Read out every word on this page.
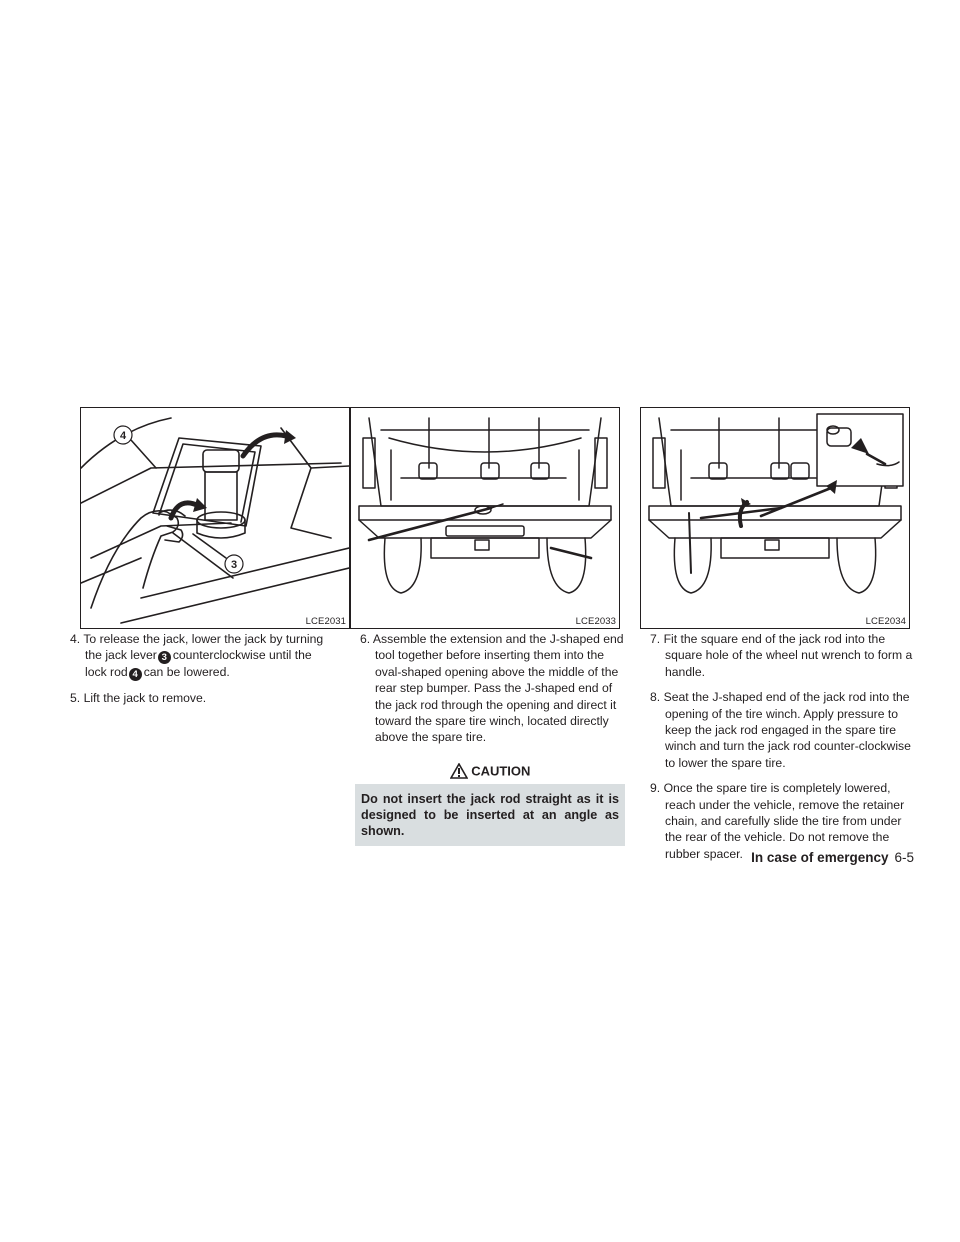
4
3
LCE2031	LCE2033	LCE2034
4. To release the jack, lower the jack by turning the jack lever 3 counterclockwise until the lock rod 4 can be lowered.
5. Lift the jack to remove.
6. Assemble the extension and the J-shaped end tool together before inserting them into the oval-shaped opening above the middle of the rear step bumper. Pass the J-shaped end of the jack rod through the opening and direct it toward the spare tire winch, located directly above the spare tire.
CAUTION
Do not insert the jack rod straight as it is designed to be inserted at an angle as shown.
7. Fit the square end of the jack rod into the square hole of the wheel nut wrench to form a handle.
8. Seat the J-shaped end of the jack rod into the opening of the tire winch. Apply pressure to keep the jack rod engaged in the spare tire winch and turn the jack rod counter-clockwise to lower the spare tire.
9. Once the spare tire is completely lowered, reach under the vehicle, remove the retainer chain, and carefully slide the tire from under the rear of the vehicle. Do not remove the rubber spacer. In case of emergency 6-5
